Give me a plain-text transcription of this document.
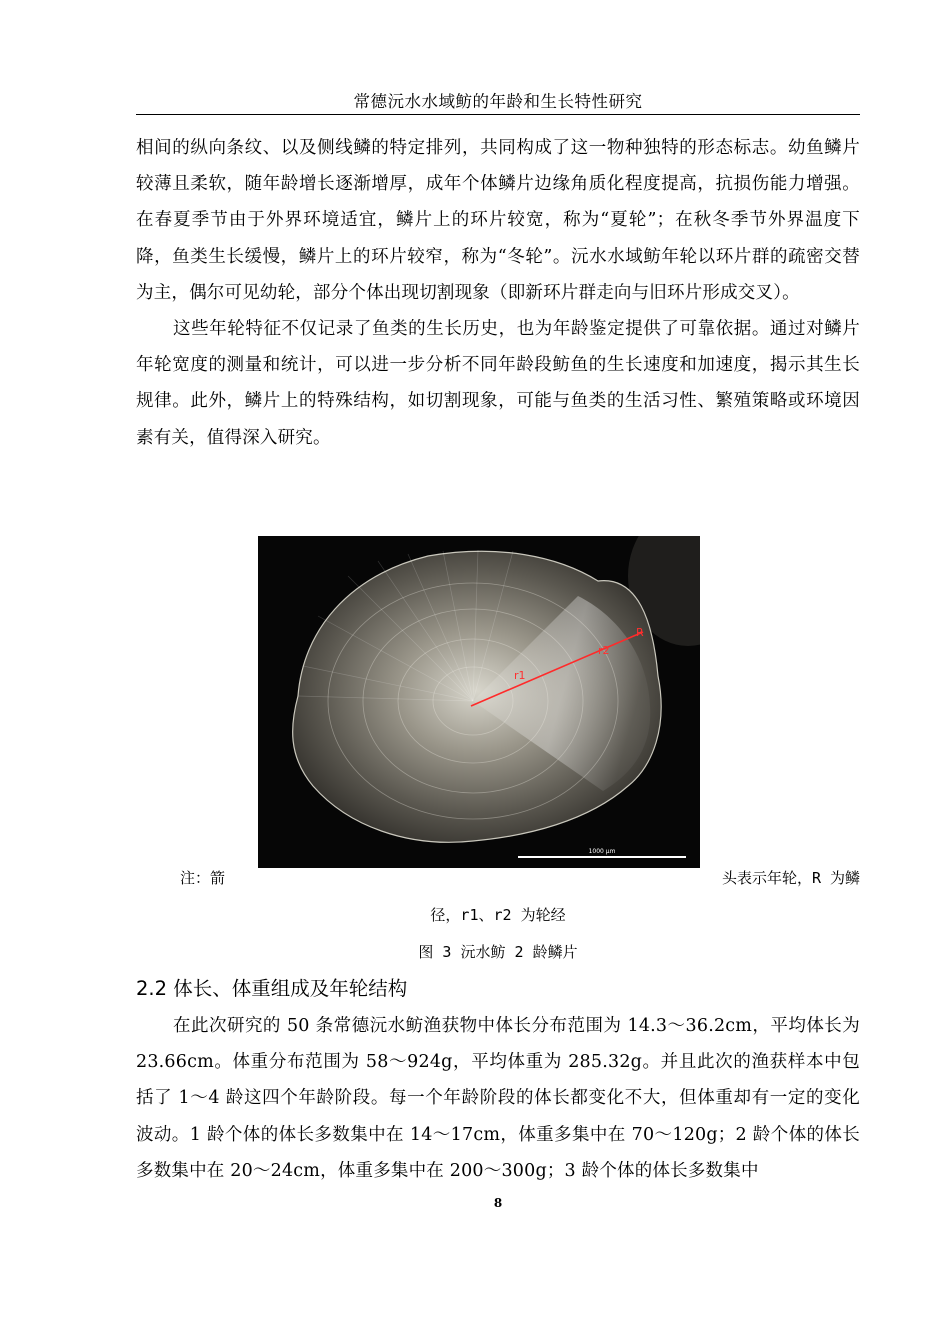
常德沅水水域鲂的年龄和生长特性研究

相间的纵向条纹、以及侧线鳞的特定排列，共同构成了这一物种独特的形态标志。幼鱼鳞片较薄且柔软，随年龄增长逐渐增厚，成年个体鳞片边缘角质化程度提高，抗损伤能力增强。在春夏季节由于外界环境适宜，鳞片上的环片较宽，称为“夏轮”；在秋冬季节外界温度下降，鱼类生长缓慢，鳞片上的环片较窄，称为“冬轮”。沅水水域鲂年轮以环片群的疏密交替为主，偶尔可见幼轮，部分个体出现切割现象（即新环片群走向与旧环片形成交叉）。

这些年轮特征不仅记录了鱼类的生长历史，也为年龄鉴定提供了可靠依据。通过对鳞片年轮宽度的测量和统计，可以进一步分析不同年龄段鲂鱼的生长速度和加速度，揭示其生长规律。此外，鳞片上的特殊结构，如切割现象，可能与鱼类的生活习性、繁殖策略或环境因素有关，值得深入研究。

r1
r2
R
1000 μm
注：箭	头表示年轮，R 为鳞
径，r1、r2 为轮经
图 3 沅水鲂 2 龄鳞片
2.2 体长、体重组成及年轮结构

在此次研究的 50 条常德沅水鲂渔获物中体长分布范围为 14.3～36.2cm，平均体长为 23.66cm。体重分布范围为 58～924g，平均体重为 285.32g。并且此次的渔获样本中包括了 1～4 龄这四个年龄阶段。每一个年龄阶段的体长都变化不大，但体重却有一定的变化波动。1 龄个体的体长多数集中在 14～17cm，体重多集中在 70～120g；2 龄个体的体长多数集中在 20～24cm，体重多集中在 200～300g；3 龄个体的体长多数集中

8
